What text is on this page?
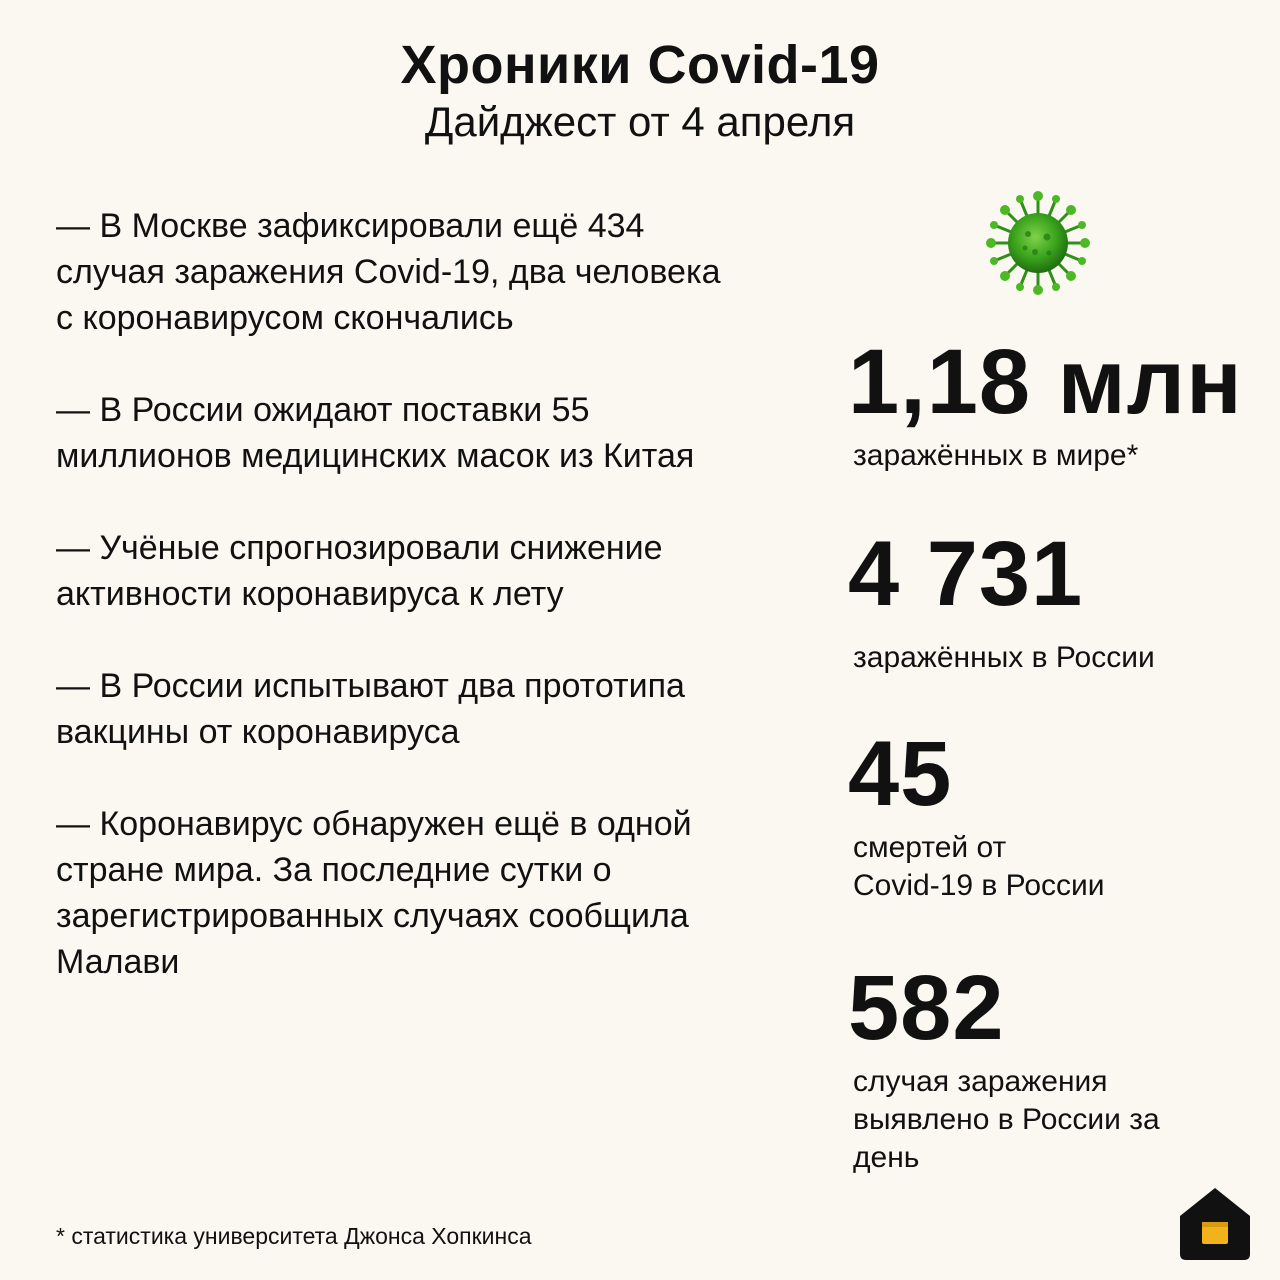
Хроники Covid-19
Дайджест от 4 апреля
— В Москве зафиксировали ещё 434
случая заражения Covid-19, два человека
с коронавирусом скончались
— В России ожидают поставки 55
миллионов медицинских масок из Китая
— Учёные спрогнозировали снижение
активности коронавируса к лету
— В России испытывают два прототипа
вакцины от коронавируса
— Коронавирус обнаружен ещё в одной
стране мира. За последние сутки о
зарегистрированных случаях сообщила
Малави
1,18 млн
заражённых в мире*
4 731
заражённых в России
45
смертей от
Covid-19 в России
582
случая заражения
выявлено в России за
день
* статистика университета Джонса Хопкинса
